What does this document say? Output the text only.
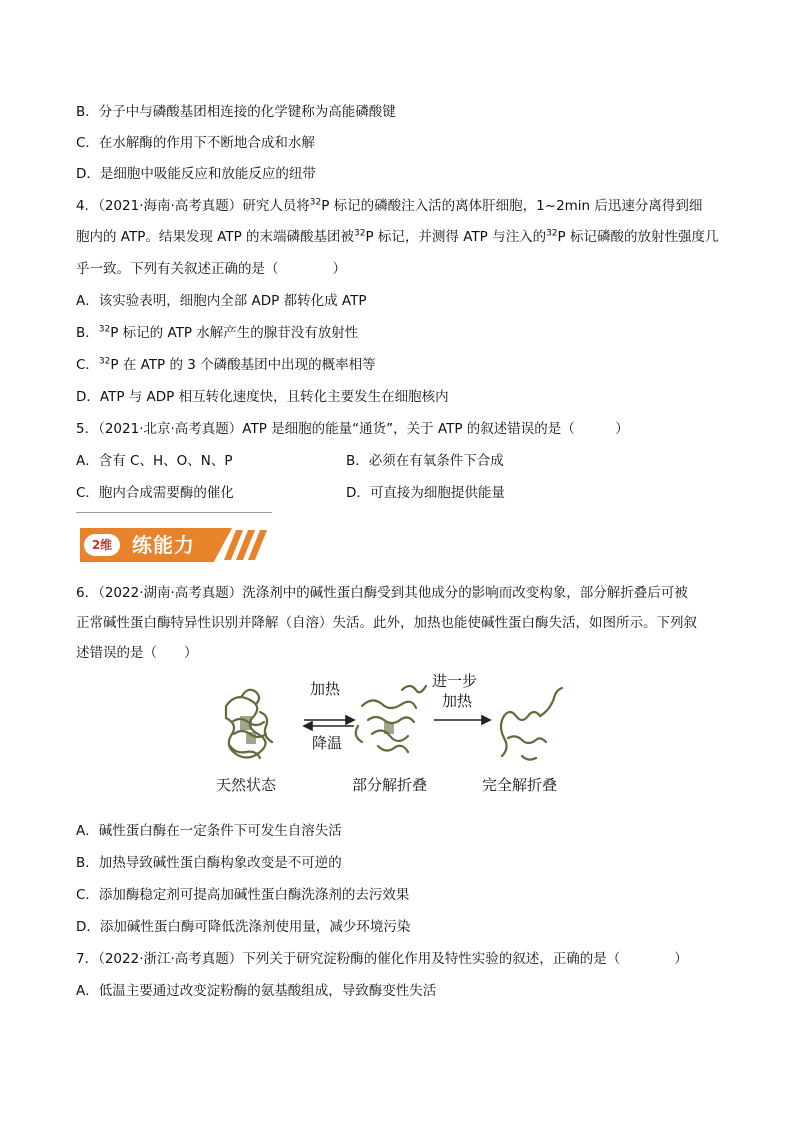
B．分子中与磷酸基团相连接的化学键称为高能磷酸键
C．在水解酶的作用下不断地合成和水解
D．是细胞中吸能反应和放能反应的纽带
4．（2021·海南·高考真题）研究人员将$^{32}$P 标记的磷酸注入活的离体肝细胞，1~2min 后迅速分离得到细
胞内的 ATP。结果发现 ATP 的末端磷酸基团被$^{32}$P 标记，并测得 ATP 与注入的$^{32}$P 标记磷酸的放射性强度几
乎一致。下列有关叙述正确的是（　　　　）
A．该实验表明，细胞内全部 ADP 都转化成 ATP
B．$^{32}$P 标记的 ATP 水解产生的腺苷没有放射性
C．$^{32}$P 在 ATP 的 3 个磷酸基团中出现的概率相等
D．ATP 与 ADP 相互转化速度快，且转化主要发生在细胞核内
5．（2021·北京·高考真题）ATP 是细胞的能量“通货”，关于 ATP 的叙述错误的是（　　　）
A．含有 C、H、O、N、P	B．必须在有氧条件下合成
C．胞内合成需要酶的催化	D．可直接为细胞提供能量
2维 练能力
6．（2022·湖南·高考真题）洗涤剂中的碱性蛋白酶受到其他成分的影响而改变构象，部分解折叠后可被
正常碱性蛋白酶特异性识别并降解（自溶）失活。此外，加热也能使碱性蛋白酶失活，如图所示。下列叙
述错误的是（　　）
加热
降温
进一步
加热
天然状态	部分解折叠	完全解折叠
A．碱性蛋白酶在一定条件下可发生自溶失活
B．加热导致碱性蛋白酶构象改变是不可逆的
C．添加酶稳定剂可提高加碱性蛋白酶洗涤剂的去污效果
D．添加碱性蛋白酶可降低洗涤剂使用量，减少环境污染
7．（2022·浙江·高考真题）下列关于研究淀粉酶的催化作用及特性实验的叙述，正确的是（　　　　）
A．低温主要通过改变淀粉酶的氨基酸组成，导致酶变性失活
